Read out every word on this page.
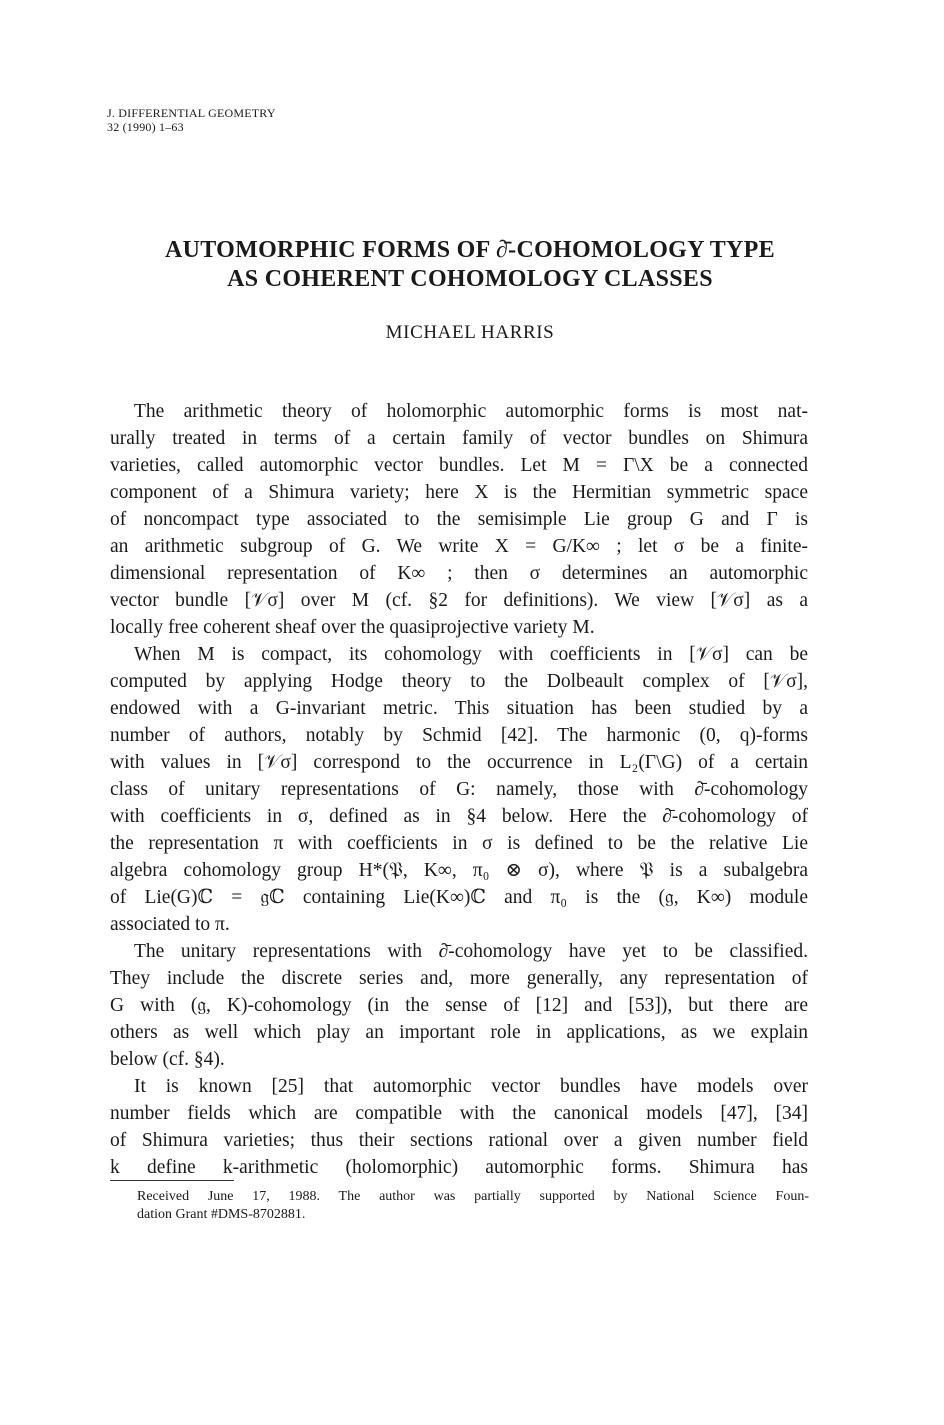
J. DIFFERENTIAL GEOMETRY
32 (1990) 1–63
AUTOMORPHIC FORMS OF ∂̄-COHOMOLOGY TYPE
AS COHERENT COHOMOLOGY CLASSES
MICHAEL HARRIS
The arithmetic theory of holomorphic automorphic forms is most nat-
urally treated in terms of a certain family of vector bundles on Shimura
varieties, called automorphic vector bundles. Let M = Γ\X be a connected
component of a Shimura variety; here X is the Hermitian symmetric space
of noncompact type associated to the semisimple Lie group G and Γ is
an arithmetic subgroup of G. We write X = G/K∞ ; let σ be a finite-
dimensional representation of K∞ ; then σ determines an automorphic
vector bundle [𝒱σ] over M (cf. §2 for definitions). We view [𝒱σ] as a
locally free coherent sheaf over the quasiprojective variety M.
When M is compact, its cohomology with coefficients in [𝒱σ] can be
computed by applying Hodge theory to the Dolbeault complex of [𝒱σ],
endowed with a G-invariant metric. This situation has been studied by a
number of authors, notably by Schmid [42]. The harmonic (0, q)-forms
with values in [𝒱σ] correspond to the occurrence in L₂(Γ\G) of a certain
class of unitary representations of G: namely, those with ∂̄-cohomology
with coefficients in σ, defined as in §4 below. Here the ∂̄-cohomology of
the representation π with coefficients in σ is defined to be the relative Lie
algebra cohomology group H*(𝔓, K∞, π₀ ⊗ σ), where 𝔓 is a subalgebra
of Lie(G)ℂ = 𝔤ℂ containing Lie(K∞)ℂ and π₀ is the (𝔤, K∞) module
associated to π.
The unitary representations with ∂̄-cohomology have yet to be classified.
They include the discrete series and, more generally, any representation of
G with (𝔤, K)-cohomology (in the sense of [12] and [53]), but there are
others as well which play an important role in applications, as we explain
below (cf. §4).
It is known [25] that automorphic vector bundles have models over
number fields which are compatible with the canonical models [47], [34]
of Shimura varieties; thus their sections rational over a given number field
k define k-arithmetic (holomorphic) automorphic forms. Shimura has
Received June 17, 1988. The author was partially supported by National Science Foun-
dation Grant #DMS-8702881.
